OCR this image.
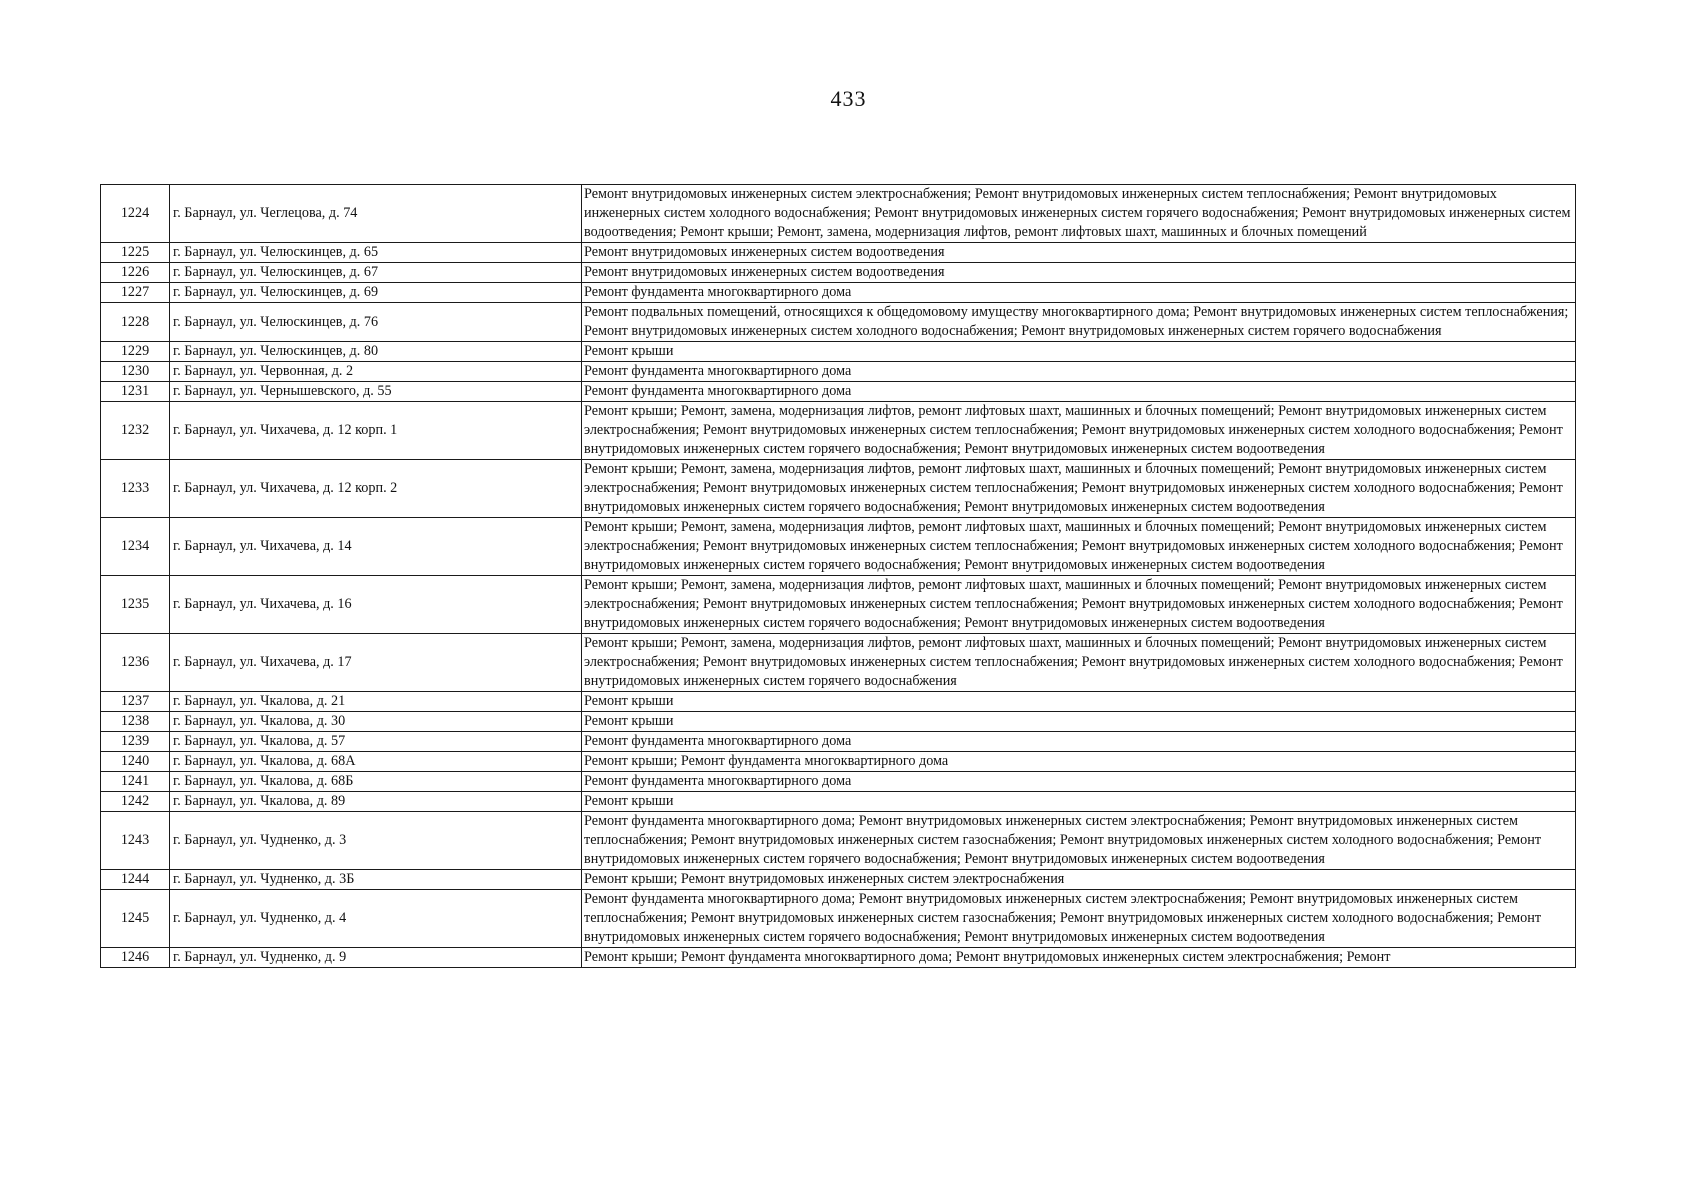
433
1224	г. Барнаул, ул. Чеглецова, д. 74	Ремонт внутридомовых инженерных систем электроснабжения; Ремонт внутридомовых инженерных систем теплоснабжения; Ремонт внутридомовых инженерных систем холодного водоснабжения; Ремонт внутридомовых инженерных систем горячего водоснабжения; Ремонт внутридомовых инженерных систем водоотведения; Ремонт крыши; Ремонт, замена, модернизация лифтов, ремонт лифтовых шахт, машинных и блочных помещений
1225	г. Барнаул, ул. Челюскинцев, д. 65	Ремонт внутридомовых инженерных систем водоотведения
1226	г. Барнаул, ул. Челюскинцев, д. 67	Ремонт внутридомовых инженерных систем водоотведения
1227	г. Барнаул, ул. Челюскинцев, д. 69	Ремонт фундамента многоквартирного дома
1228	г. Барнаул, ул. Челюскинцев, д. 76	Ремонт подвальных помещений, относящихся к общедомовому имуществу многоквартирного дома; Ремонт внутридомовых инженерных систем теплоснабжения; Ремонт внутридомовых инженерных систем холодного водоснабжения; Ремонт внутридомовых инженерных систем горячего водоснабжения
1229	г. Барнаул, ул. Челюскинцев, д. 80	Ремонт крыши
1230	г. Барнаул, ул. Червонная, д. 2	Ремонт фундамента многоквартирного дома
1231	г. Барнаул, ул. Чернышевского, д. 55	Ремонт фундамента многоквартирного дома
1232	г. Барнаул, ул. Чихачева, д. 12 корп. 1	Ремонт крыши; Ремонт, замена, модернизация лифтов, ремонт лифтовых шахт, машинных и блочных помещений; Ремонт внутридомовых инженерных систем электроснабжения; Ремонт внутридомовых инженерных систем теплоснабжения; Ремонт внутридомовых инженерных систем холодного водоснабжения; Ремонт внутридомовых инженерных систем горячего водоснабжения; Ремонт внутридомовых инженерных систем водоотведения
1233	г. Барнаул, ул. Чихачева, д. 12 корп. 2	Ремонт крыши; Ремонт, замена, модернизация лифтов, ремонт лифтовых шахт, машинных и блочных помещений; Ремонт внутридомовых инженерных систем электроснабжения; Ремонт внутридомовых инженерных систем теплоснабжения; Ремонт внутридомовых инженерных систем холодного водоснабжения; Ремонт внутридомовых инженерных систем горячего водоснабжения; Ремонт внутридомовых инженерных систем водоотведения
1234	г. Барнаул, ул. Чихачева, д. 14	Ремонт крыши; Ремонт, замена, модернизация лифтов, ремонт лифтовых шахт, машинных и блочных помещений; Ремонт внутридомовых инженерных систем электроснабжения; Ремонт внутридомовых инженерных систем теплоснабжения; Ремонт внутридомовых инженерных систем холодного водоснабжения; Ремонт внутридомовых инженерных систем горячего водоснабжения; Ремонт внутридомовых инженерных систем водоотведения
1235	г. Барнаул, ул. Чихачева, д. 16	Ремонт крыши; Ремонт, замена, модернизация лифтов, ремонт лифтовых шахт, машинных и блочных помещений; Ремонт внутридомовых инженерных систем электроснабжения; Ремонт внутридомовых инженерных систем теплоснабжения; Ремонт внутридомовых инженерных систем холодного водоснабжения; Ремонт внутридомовых инженерных систем горячего водоснабжения; Ремонт внутридомовых инженерных систем водоотведения
1236	г. Барнаул, ул. Чихачева, д. 17	Ремонт крыши; Ремонт, замена, модернизация лифтов, ремонт лифтовых шахт, машинных и блочных помещений; Ремонт внутридомовых инженерных систем электроснабжения; Ремонт внутридомовых инженерных систем теплоснабжения; Ремонт внутридомовых инженерных систем холодного водоснабжения; Ремонт внутридомовых инженерных систем горячего водоснабжения
1237	г. Барнаул, ул. Чкалова, д. 21	Ремонт крыши
1238	г. Барнаул, ул. Чкалова, д. 30	Ремонт крыши
1239	г. Барнаул, ул. Чкалова, д. 57	Ремонт фундамента многоквартирного дома
1240	г. Барнаул, ул. Чкалова, д. 68А	Ремонт крыши; Ремонт фундамента многоквартирного дома
1241	г. Барнаул, ул. Чкалова, д. 68Б	Ремонт фундамента многоквартирного дома
1242	г. Барнаул, ул. Чкалова, д. 89	Ремонт крыши
1243	г. Барнаул, ул. Чудненко, д. 3	Ремонт фундамента многоквартирного дома; Ремонт внутридомовых инженерных систем электроснабжения; Ремонт внутридомовых инженерных систем теплоснабжения; Ремонт внутридомовых инженерных систем газоснабжения; Ремонт внутридомовых инженерных систем холодного водоснабжения; Ремонт внутридомовых инженерных систем горячего водоснабжения; Ремонт внутридомовых инженерных систем водоотведения
1244	г. Барнаул, ул. Чудненко, д. 3Б	Ремонт крыши; Ремонт внутридомовых инженерных систем электроснабжения
1245	г. Барнаул, ул. Чудненко, д. 4	Ремонт фундамента многоквартирного дома; Ремонт внутридомовых инженерных систем электроснабжения; Ремонт внутридомовых инженерных систем теплоснабжения; Ремонт внутридомовых инженерных систем газоснабжения; Ремонт внутридомовых инженерных систем холодного водоснабжения; Ремонт внутридомовых инженерных систем горячего водоснабжения; Ремонт внутридомовых инженерных систем водоотведения
1246	г. Барнаул, ул. Чудненко, д. 9	Ремонт крыши; Ремонт фундамента многоквартирного дома; Ремонт внутридомовых инженерных систем электроснабжения; Ремонт
